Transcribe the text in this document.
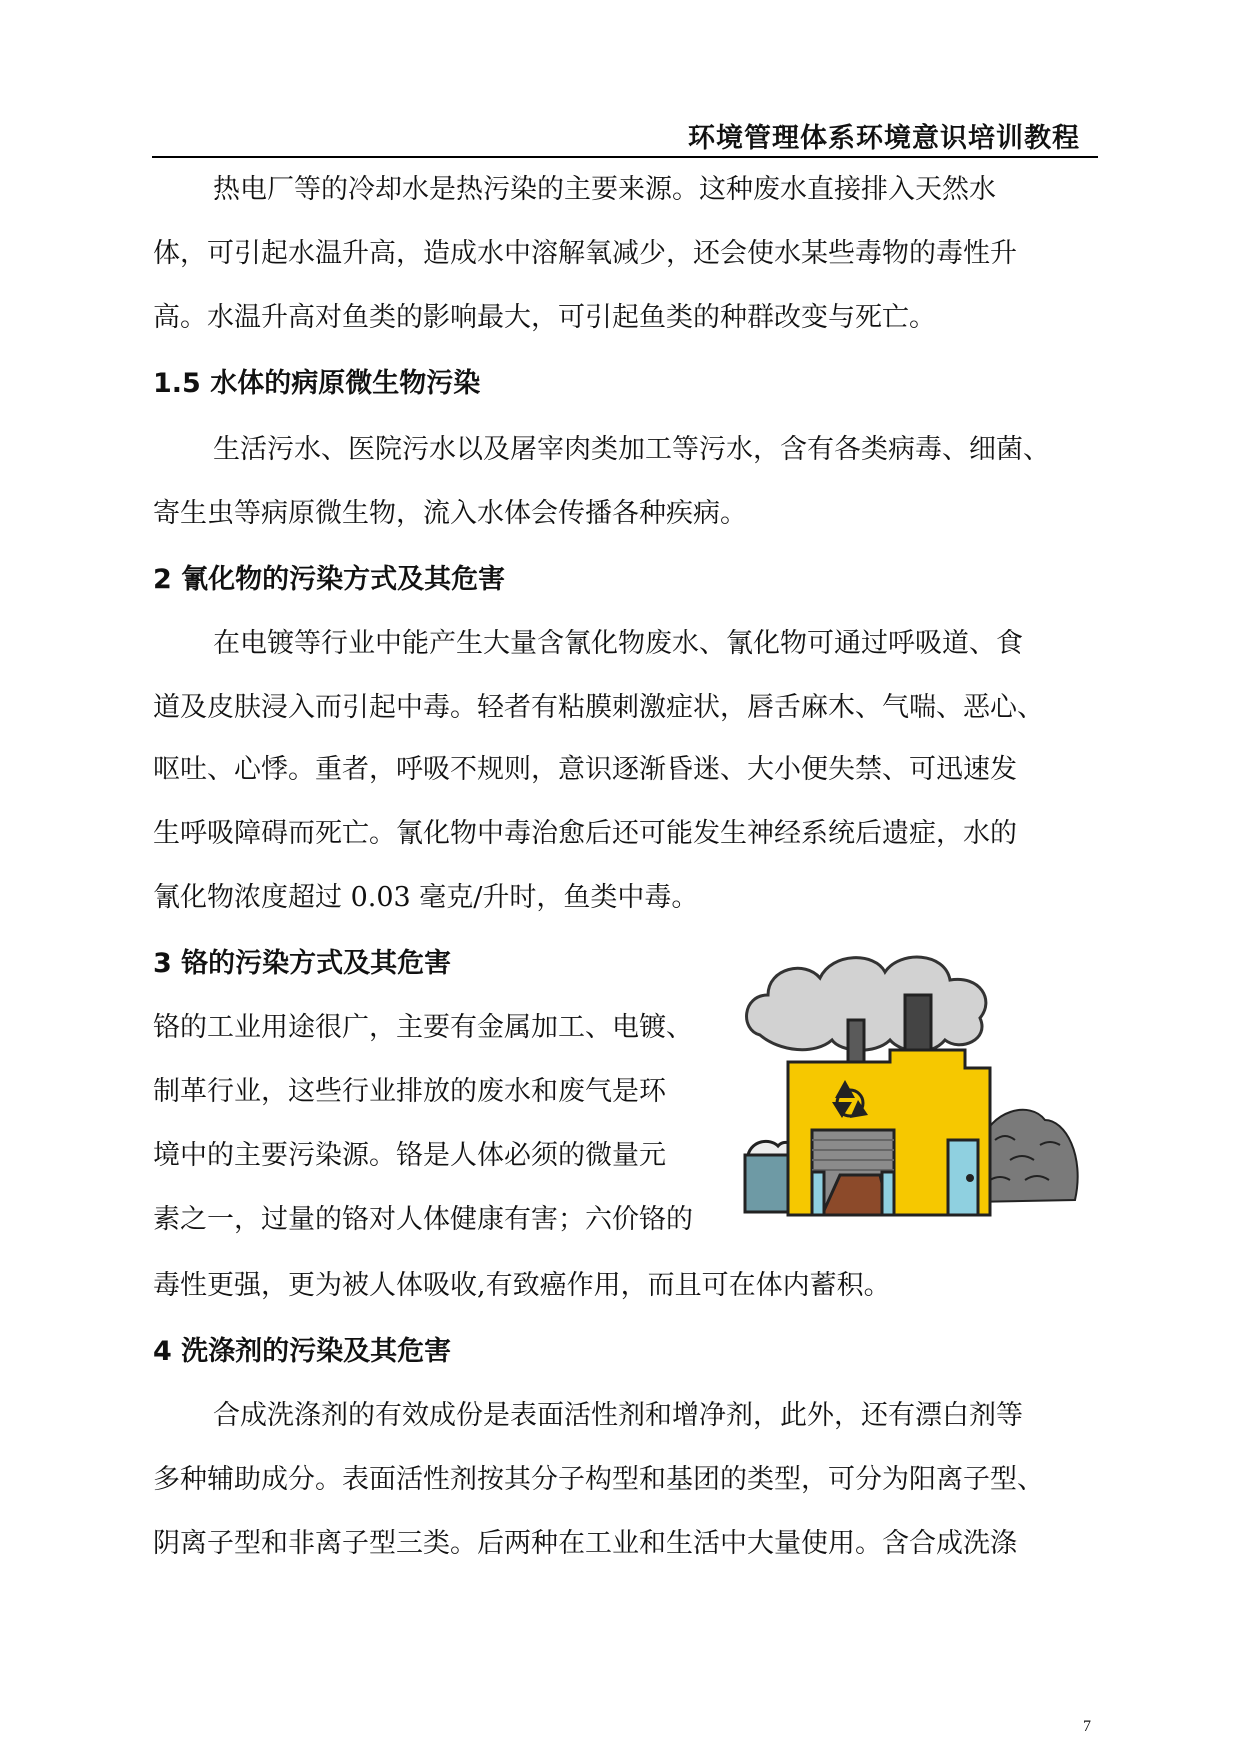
环境管理体系环境意识培训教程
热电厂等的冷却水是热污染的主要来源。这种废水直接排入天然水
体，可引起水温升高，造成水中溶解氧减少，还会使水某些毒物的毒性升
高。水温升高对鱼类的影响最大，可引起鱼类的种群改变与死亡。
1.5 水体的病原微生物污染
生活污水、医院污水以及屠宰肉类加工等污水，含有各类病毒、细菌、
寄生虫等病原微生物，流入水体会传播各种疾病。
2 氰化物的污染方式及其危害
在电镀等行业中能产生大量含氰化物废水、氰化物可通过呼吸道、食
道及皮肤浸入而引起中毒。轻者有粘膜刺激症状，唇舌麻木、气喘、恶心、
呕吐、心悸。重者，呼吸不规则，意识逐渐昏迷、大小便失禁、可迅速发
生呼吸障碍而死亡。氰化物中毒治愈后还可能发生神经系统后遗症，水的
氰化物浓度超过 0.03 毫克/升时，鱼类中毒。
3 铬的污染方式及其危害
铬的工业用途很广，主要有金属加工、电镀、
制革行业，这些行业排放的废水和废气是环
境中的主要污染源。铬是人体必须的微量元
素之一，过量的铬对人体健康有害；六价铬的
毒性更强，更为被人体吸收,有致癌作用，而且可在体内蓄积。
4 洗涤剂的污染及其危害
合成洗涤剂的有效成份是表面活性剂和增净剂，此外，还有漂白剂等
多种辅助成分。表面活性剂按其分子构型和基团的类型，可分为阳离子型、
阴离子型和非离子型三类。后两种在工业和生活中大量使用。含合成洗涤
7
